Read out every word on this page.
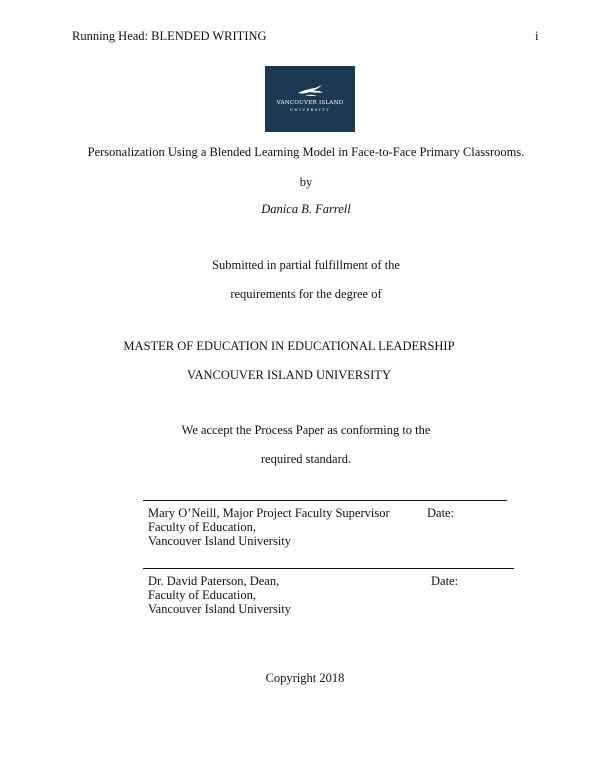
Running Head: BLENDED WRITING	i
VANCOUVER ISLAND
UNIVERSITY
Personalization Using a Blended Learning Model in Face-to-Face Primary Classrooms.
by
Danica B. Farrell
Submitted in partial fulfillment of the
requirements for the degree of
MASTER OF EDUCATION IN EDUCATIONAL LEADERSHIP
VANCOUVER ISLAND UNIVERSITY
We accept the Process Paper as conforming to the
required standard.
Mary O’Neill, Major Project Faculty Supervisor
Faculty of Education,
Vancouver Island University
Date:
Dr. David Paterson, Dean,
Faculty of Education,
Vancouver Island University
Date:
Copyright 2018
